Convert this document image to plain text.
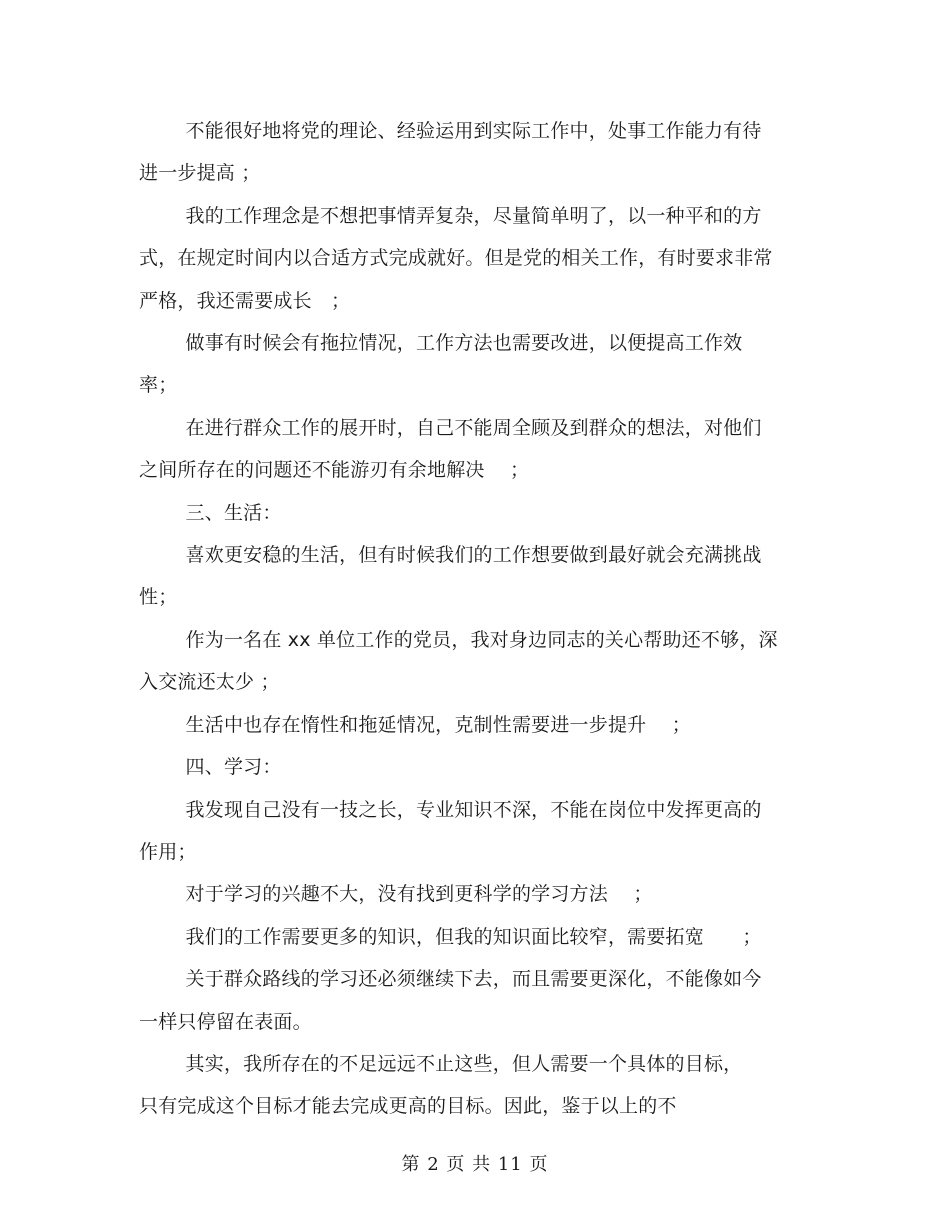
不能很好地将党的理论、经验运用到实际工作中，处事工作能力有待进一步提高 ；

我的工作理念是不想把事情弄复杂，尽量简单明了，以一种平和的方式，在规定时间内以合适方式完成就好。但是党的相关工作，有时要求非常严格，我还需要成长　；

做事有时候会有拖拉情况，工作方法也需要改进，以便提高工作效率；

在进行群众工作的展开时，自己不能周全顾及到群众的想法，对他们之间所存在的问题还不能游刃有余地解决　 ；

三、生活：

喜欢更安稳的生活，但有时候我们的工作想要做到最好就会充满挑战性；

作为一名在 xx 单位工作的党员，我对身边同志的关心帮助还不够，深入交流还太少 ；

生活中也存在惰性和拖延情况，克制性需要进一步提升　 ；

四、学习：

我发现自己没有一技之长，专业知识不深，不能在岗位中发挥更高的作用；

对于学习的兴趣不大，没有找到更科学的学习方法　 ；

我们的工作需要更多的知识，但我的知识面比较窄，需要拓宽　　；

关于群众路线的学习还必须继续下去，而且需要更深化，不能像如今一样只停留在表面。

其实，我所存在的不足远远不止这些，但人需要一个具体的目标，只有完成这个目标才能去完成更高的目标。因此，鉴于以上的不

第 2 页 共 11 页
